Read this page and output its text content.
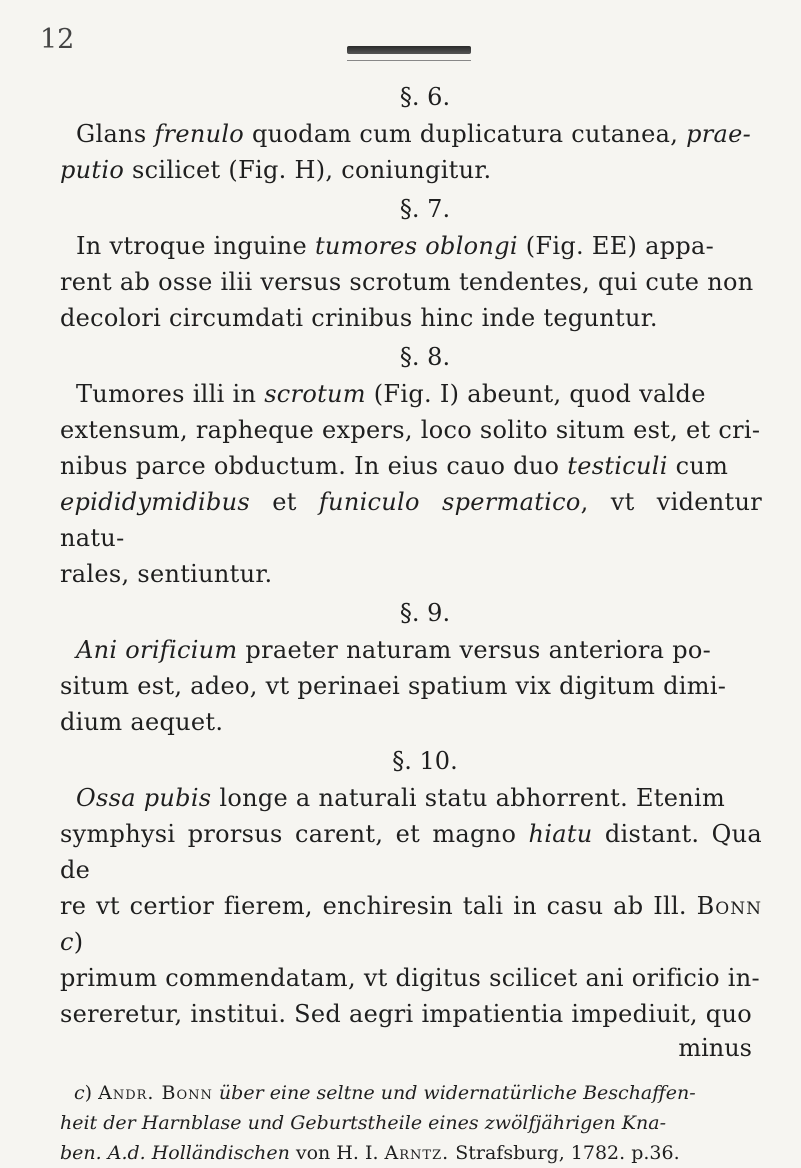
12
§. 6.

Glans frenulo quodam cum duplicatura cutanea, prae-
putio scilicet (Fig. H), coniungitur.

§. 7.

In vtroque inguine tumores oblongi (Fig. EE) appa-
rent ab osse ilii versus scrotum tendentes, qui cute non
decolori circumdati crinibus hinc inde teguntur.

§. 8.

Tumores illi in scrotum (Fig. I) abeunt, quod valde
extensum, rapheque expers, loco solito situm est, et cri-
nibus parce obductum. In eius cauo duo testiculi cum
epididymidibus et funiculo spermatico, vt videntur natu-
rales, sentiuntur.

§. 9.

Ani orificium praeter naturam versus anteriora po-
situm est, adeo, vt perinaei spatium vix digitum dimi-
dium aequet.

§. 10.

Ossa pubis longe a naturali statu abhorrent. Etenim
symphysi prorsus carent, et magno hiatu distant. Qua de
re vt certior fierem, enchiresin tali in casu ab Ill. Bonn c)
primum commendatam, vt digitus scilicet ani orificio in-
sereretur, institui. Sed aegri impatientia impediuit, quo

minus

c) Andr. Bonn über eine seltne und widernatürliche Beschaffen-
heit der Harnblase und Geburtstheile eines zwölfjährigen Kna-
ben. A.d. Holländischen von H. I. Arntz. Strafsburg, 1782. p.36.
